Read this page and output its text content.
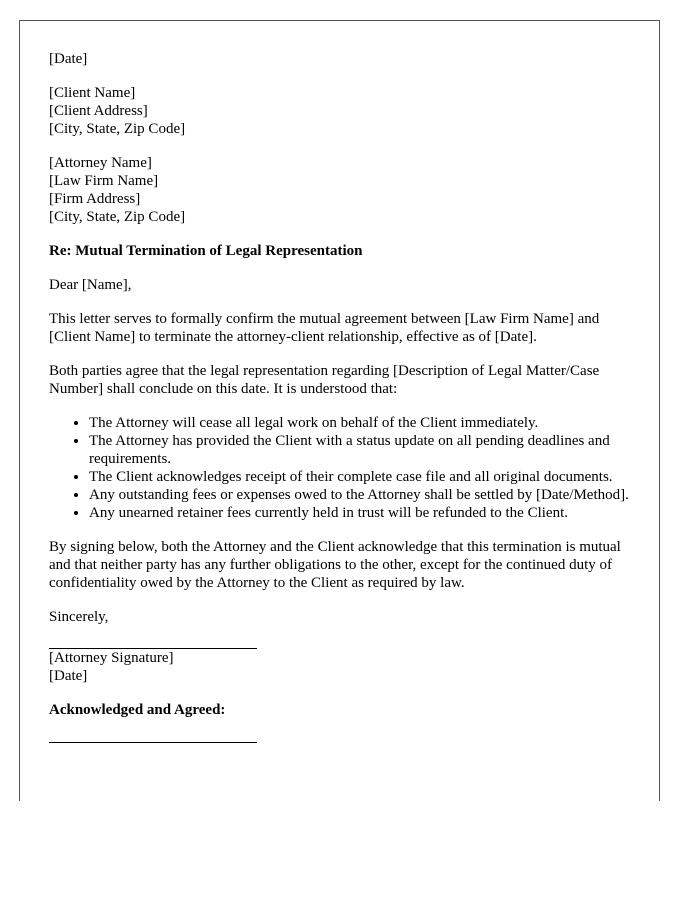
[Date]
[Client Name]
[Client Address]
[City, State, Zip Code]
[Attorney Name]
[Law Firm Name]
[Firm Address]
[City, State, Zip Code]
Re: Mutual Termination of Legal Representation

Dear [Name],

This letter serves to formally confirm the mutual agreement between [Law Firm Name] and [Client Name] to terminate the attorney-client relationship, effective as of [Date].

Both parties agree that the legal representation regarding [Description of Legal Matter/Case Number] shall conclude on this date. It is understood that:

• The Attorney will cease all legal work on behalf of the Client immediately.
• The Attorney has provided the Client with a status update on all pending deadlines and requirements.
• The Client acknowledges receipt of their complete case file and all original documents.
• Any outstanding fees or expenses owed to the Attorney shall be settled by [Date/Method].
• Any unearned retainer fees currently held in trust will be refunded to the Client.

By signing below, both the Attorney and the Client acknowledge that this termination is mutual and that neither party has any further obligations to the other, except for the continued duty of confidentiality owed by the Attorney to the Client as required by law.

Sincerely,

[Attorney Signature]
[Date]
Acknowledged and Agreed:
